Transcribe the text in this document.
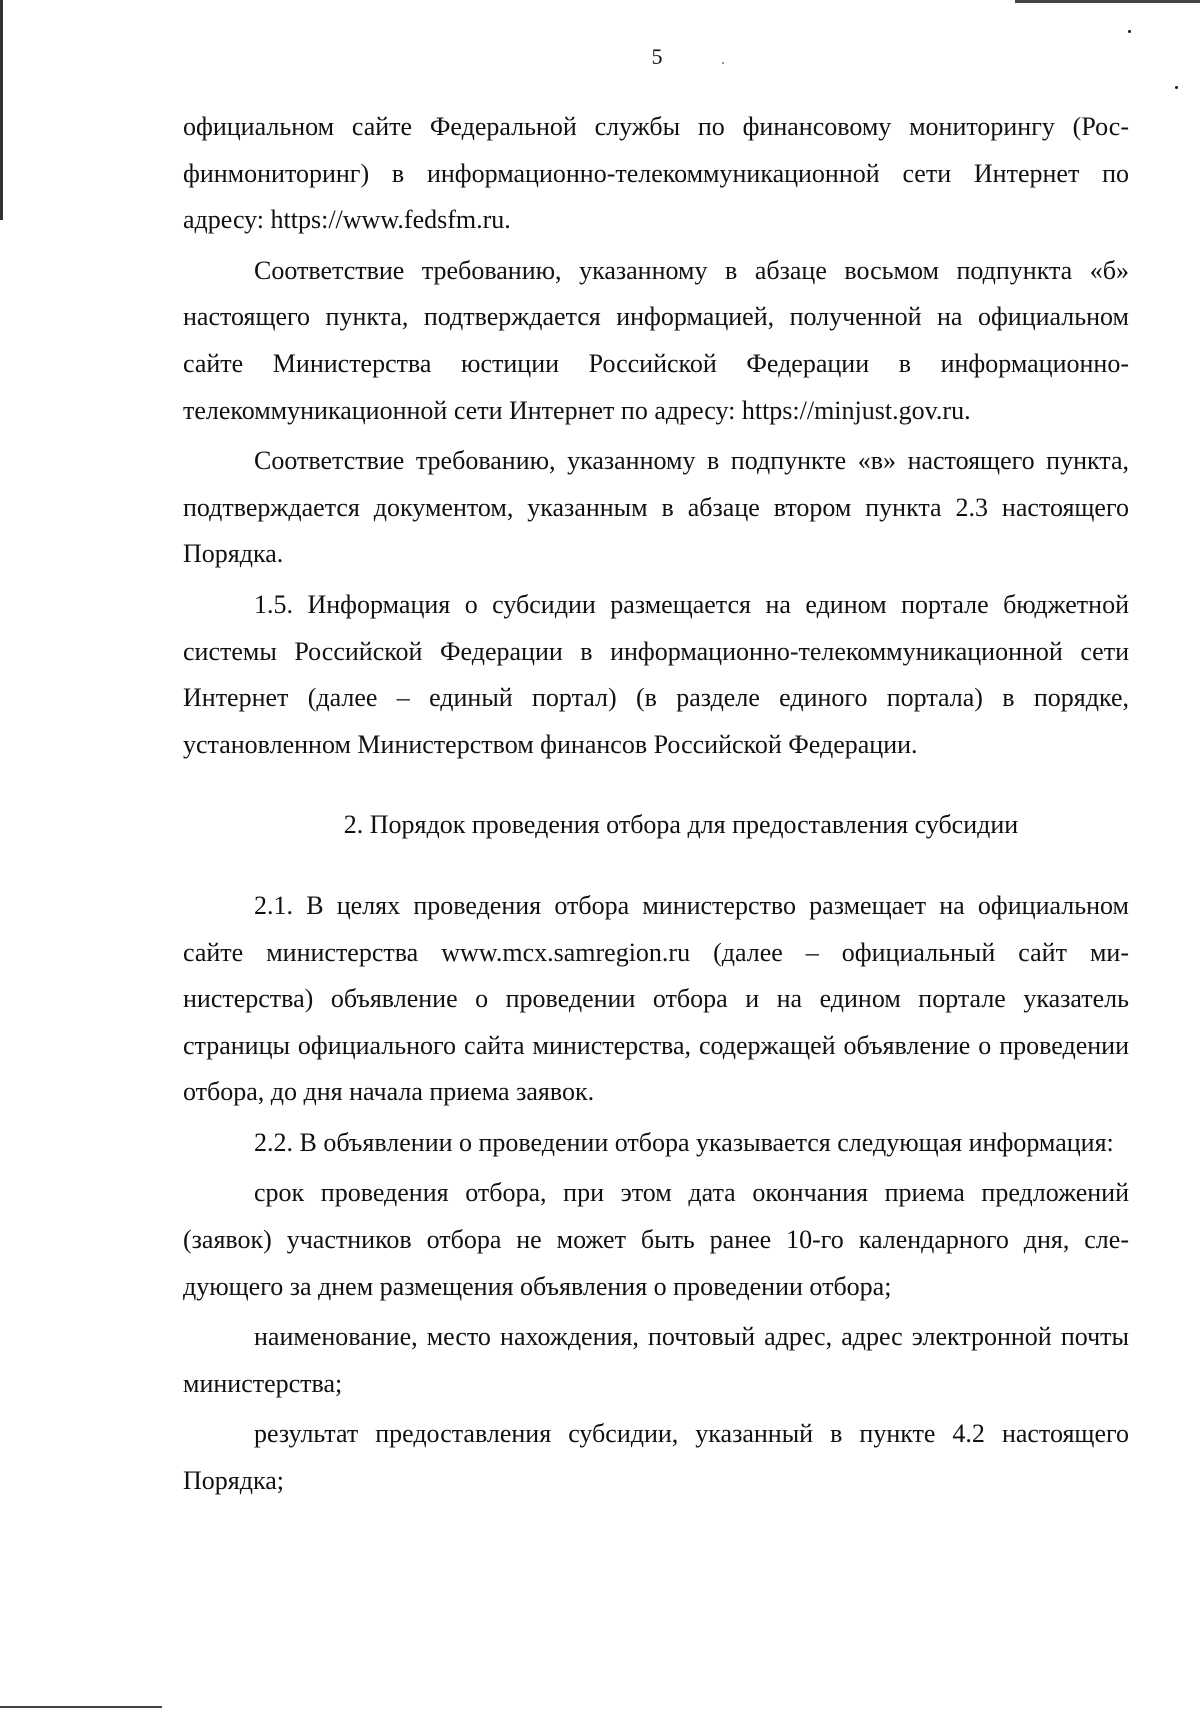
5

официальном сайте Федеральной службы по финансовому мониторингу (Росфинмониторинг) в информационно-телекоммуникационной сети Интернет по адресу: https://www.fedsfm.ru.

Соответствие требованию, указанному в абзаце восьмом подпункта «б» настоящего пункта, подтверждается информацией, полученной на официальном сайте Министерства юстиции Российской Федерации в информационно-телекоммуникационной сети Интернет по адресу: https://minjust.gov.ru.

Соответствие требованию, указанному в подпункте «в» настоящего пункта, подтверждается документом, указанным в абзаце втором пункта 2.3 настоящего Порядка.

1.5. Информация о субсидии размещается на едином портале бюджетной системы Российской Федерации в информационно-телекоммуникационной сети Интернет (далее – единый портал) (в разделе единого портала) в порядке, установленном Министерством финансов Российской Федерации.

2. Порядок проведения отбора для предоставления субсидии

2.1. В целях проведения отбора министерство размещает на официальном сайте министерства www.mcx.samregion.ru (далее – официальный сайт министерства) объявление о проведении отбора и на едином портале указатель страницы официального сайта министерства, содержащей объявление о проведении отбора, до дня начала приема заявок.

2.2. В объявлении о проведении отбора указывается следующая информация:

срок проведения отбора, при этом дата окончания приема предложений (заявок) участников отбора не может быть ранее 10-го календарного дня, следующего за днем размещения объявления о проведении отбора;

наименование, место нахождения, почтовый адрес, адрес электронной почты министерства;

результат предоставления субсидии, указанный в пункте 4.2 настоящего Порядка;
